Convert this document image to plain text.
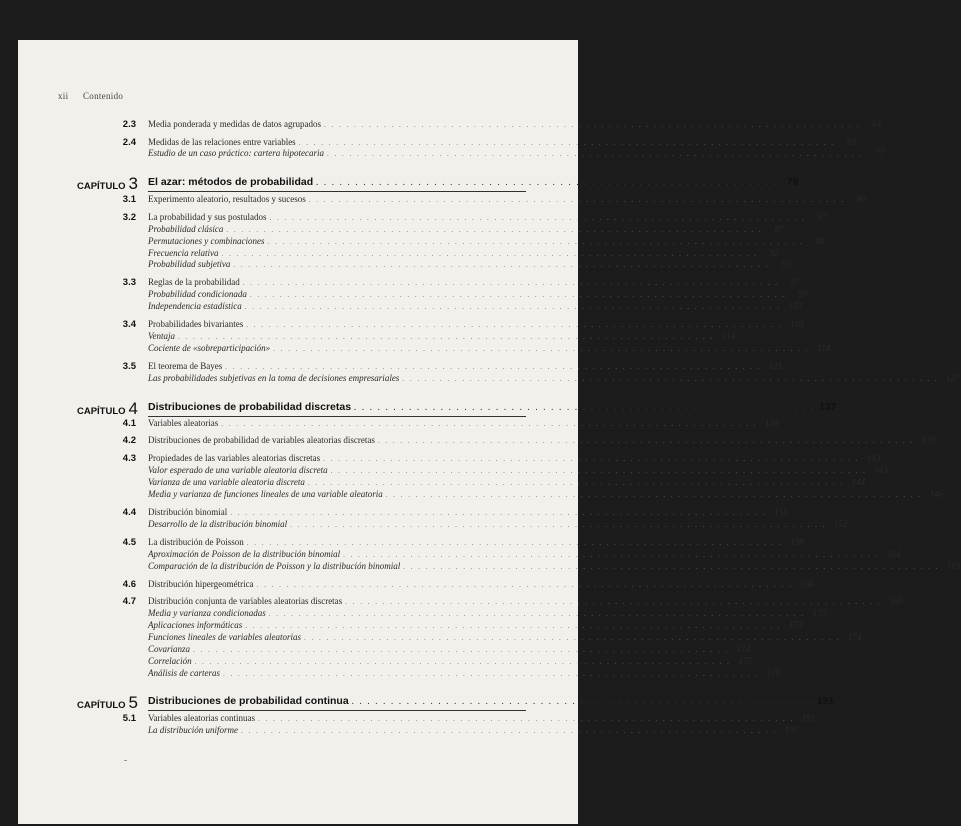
xii Contenido
2.3 Media ponderada y medidas de datos agrupados . . . . . . . . . . . . . . . . . . . . . . . . . . . . . . . . . . . . . . . . . . . . . . . . . . . . . . . . . . . . . . . . . . . . . . . .	64
2.4 Medidas de las relaciones entre variables . . . . . . . . . . . . . . . . . . . . . . . . . . . . . . . . . . . . . . . . . . . . . . . . . . . . . . . . . . . . . . . . . . . . . . . .	69
Estudio de un caso práctico: cartera hipotecaria . . . . . . . . . . . . . . . . . . . . . . . . . . . . . . . . . . . . . . . . . . . . . . . . . . . . . . . . . . . . . . . . . . . . . . . .	77
CAPÍTULO 3 El azar: métodos de probabilidad . . . . . . . . . . . . . . . . . . . . . . . . . . . . . . . . . . . . . . . . . . . . . . . . . . . . . . . . . . . 79
3.1 Experimento aleatorio, resultados y sucesos . . . . . . . . . . . . . . . . . . . . . . . . . . . . . . . . . . . . . . . . . . . . . . . . . . . . . . . . . . . . . . . . . . . . . . . .	80
3.2 La probabilidad y sus postulados . . . . . . . . . . . . . . . . . . . . . . . . . . . . . . . . . . . . . . . . . . . . . . . . . . . . . . . . . . . . . . . . . . . . . . . .	87
Probabilidad clásica . . . . . . . . . . . . . . . . . . . . . . . . . . . . . . . . . . . . . . . . . . . . . . . . . . . . . . . . . . . . . . . . . . . . . . . .	87
Permutaciones y combinaciones . . . . . . . . . . . . . . . . . . . . . . . . . . . . . . . . . . . . . . . . . . . . . . . . . . . . . . . . . . . . . . . . . . . . . . . .	88
Frecuencia relativa . . . . . . . . . . . . . . . . . . . . . . . . . . . . . . . . . . . . . . . . . . . . . . . . . . . . . . . . . . . . . . . . . . . . . . . .	92
Probabilidad subjetiva . . . . . . . . . . . . . . . . . . . . . . . . . . . . . . . . . . . . . . . . . . . . . . . . . . . . . . . . . . . . . . . . . . . . . . . .	93
3.3 Reglas de la probabilidad . . . . . . . . . . . . . . . . . . . . . . . . . . . . . . . . . . . . . . . . . . . . . . . . . . . . . . . . . . . . . . . . . . . . . . . .	97
Probabilidad condicionada . . . . . . . . . . . . . . . . . . . . . . . . . . . . . . . . . . . . . . . . . . . . . . . . . . . . . . . . . . . . . . . . . . . . . . . .	99
Independencia estadística . . . . . . . . . . . . . . . . . . . . . . . . . . . . . . . . . . . . . . . . . . . . . . . . . . . . . . . . . . . . . . . . . . . . . . . . 103
3.4 Probabilidades bivariantes . . . . . . . . . . . . . . . . . . . . . . . . . . . . . . . . . . . . . . . . . . . . . . . . . . . . . . . . . . . . . . . . . . . . . . . . 110
Ventaja . . . . . . . . . . . . . . . . . . . . . . . . . . . . . . . . . . . . . . . . . . . . . . . . . . . . . . . . . . . . . . . . . . . . . . . . 114
Cociente de «sobreparticipación» . . . . . . . . . . . . . . . . . . . . . . . . . . . . . . . . . . . . . . . . . . . . . . . . . . . . . . . . . . . . . . . . . . . . . . . . 114
3.5 El teorema de Bayes . . . . . . . . . . . . . . . . . . . . . . . . . . . . . . . . . . . . . . . . . . . . . . . . . . . . . . . . . . . . . . . . . . . . . . . . 121
Las probabilidades subjetivas en la toma de decisiones empresariales . . . . . . . . . . . . . . . . . . . . . . . . . . . . . . . . . . . . . . . . . . . . . . . . . . . . . . . . . . . . . . . . . . . . . . . . 127
CAPÍTULO 4 Distribuciones de probabilidad discretas . . . . . . . . . . . . . . . . . . . . . . . . . . . . . . . . . . . . . . . . . . . . . . . . . . . . . . . . . . . 137
4.1 Variables aleatorias . . . . . . . . . . . . . . . . . . . . . . . . . . . . . . . . . . . . . . . . . . . . . . . . . . . . . . . . . . . . . . . . . . . . . . . . 138
4.2 Distribuciones de probabilidad de variables aleatorias discretas . . . . . . . . . . . . . . . . . . . . . . . . . . . . . . . . . . . . . . . . . . . . . . . . . . . . . . . . . . . . . . . . . . . . . . . . 139
4.3 Propiedades de las variables aleatorias discretas . . . . . . . . . . . . . . . . . . . . . . . . . . . . . . . . . . . . . . . . . . . . . . . . . . . . . . . . . . . . . . . . . . . . . . . . 143
Valor esperado de una variable aleatoria discreta . . . . . . . . . . . . . . . . . . . . . . . . . . . . . . . . . . . . . . . . . . . . . . . . . . . . . . . . . . . . . . . . . . . . . . . . 143
Varianza de una variable aleatoria discreta . . . . . . . . . . . . . . . . . . . . . . . . . . . . . . . . . . . . . . . . . . . . . . . . . . . . . . . . . . . . . . . . . . . . . . . . 144
Media y varianza de funciones lineales de una variable aleatoria . . . . . . . . . . . . . . . . . . . . . . . . . . . . . . . . . . . . . . . . . . . . . . . . . . . . . . . . . . . . . . . . . . . . . . . . 146
4.4 Distribución binomial . . . . . . . . . . . . . . . . . . . . . . . . . . . . . . . . . . . . . . . . . . . . . . . . . . . . . . . . . . . . . . . . . . . . . . . . 151
Desarrollo de la distribución binomial . . . . . . . . . . . . . . . . . . . . . . . . . . . . . . . . . . . . . . . . . . . . . . . . . . . . . . . . . . . . . . . . . . . . . . . . 152
4.5 La distribución de Poisson . . . . . . . . . . . . . . . . . . . . . . . . . . . . . . . . . . . . . . . . . . . . . . . . . . . . . . . . . . . . . . . . . . . . . . . . 159
Aproximación de Poisson de la distribución binomial . . . . . . . . . . . . . . . . . . . . . . . . . . . . . . . . . . . . . . . . . . . . . . . . . . . . . . . . . . . . . . . . . . . . . . . . 164
Comparación de la distribución de Poisson y la distribución binomial . . . . . . . . . . . . . . . . . . . . . . . . . . . . . . . . . . . . . . . . . . . . . . . . . . . . . . . . . . . . . . . . . . . . . . . . 165
4.6 Distribución hipergeométrica . . . . . . . . . . . . . . . . . . . . . . . . . . . . . . . . . . . . . . . . . . . . . . . . . . . . . . . . . . . . . . . . . . . . . . . . 166
4.7 Distribución conjunta de variables aleatorias discretas . . . . . . . . . . . . . . . . . . . . . . . . . . . . . . . . . . . . . . . . . . . . . . . . . . . . . . . . . . . . . . . . . . . . . . . . 169
Media y varianza condicionadas . . . . . . . . . . . . . . . . . . . . . . . . . . . . . . . . . . . . . . . . . . . . . . . . . . . . . . . . . . . . . . . . . . . . . . . . 173
Aplicaciones informáticas . . . . . . . . . . . . . . . . . . . . . . . . . . . . . . . . . . . . . . . . . . . . . . . . . . . . . . . . . . . . . . . . . . . . . . . . 173
Funciones lineales de variables aleatorias . . . . . . . . . . . . . . . . . . . . . . . . . . . . . . . . . . . . . . . . . . . . . . . . . . . . . . . . . . . . . . . . . . . . . . . . 174
Covarianza . . . . . . . . . . . . . . . . . . . . . . . . . . . . . . . . . . . . . . . . . . . . . . . . . . . . . . . . . . . . . . . . . . . . . . . . 174
Correlación . . . . . . . . . . . . . . . . . . . . . . . . . . . . . . . . . . . . . . . . . . . . . . . . . . . . . . . . . . . . . . . . . . . . . . . . 175
Análisis de carteras . . . . . . . . . . . . . . . . . . . . . . . . . . . . . . . . . . . . . . . . . . . . . . . . . . . . . . . . . . . . . . . . . . . . . . . . 179
CAPÍTULO 5 Distribuciones de probabilidad continua . . . . . . . . . . . . . . . . . . . . . . . . . . . . . . . . . . . . . . . . . . . . . . . . . . . . . . . . . . . 191
5.1 Variables aleatorias continuas . . . . . . . . . . . . . . . . . . . . . . . . . . . . . . . . . . . . . . . . . . . . . . . . . . . . . . . . . . . . . . . . . . . . . . . . 191
La distribución uniforme . . . . . . . . . . . . . . . . . . . . . . . . . . . . . . . . . . . . . . . . . . . . . . . . . . . . . . . . . . . . . . . . . . . . . . . . 195
